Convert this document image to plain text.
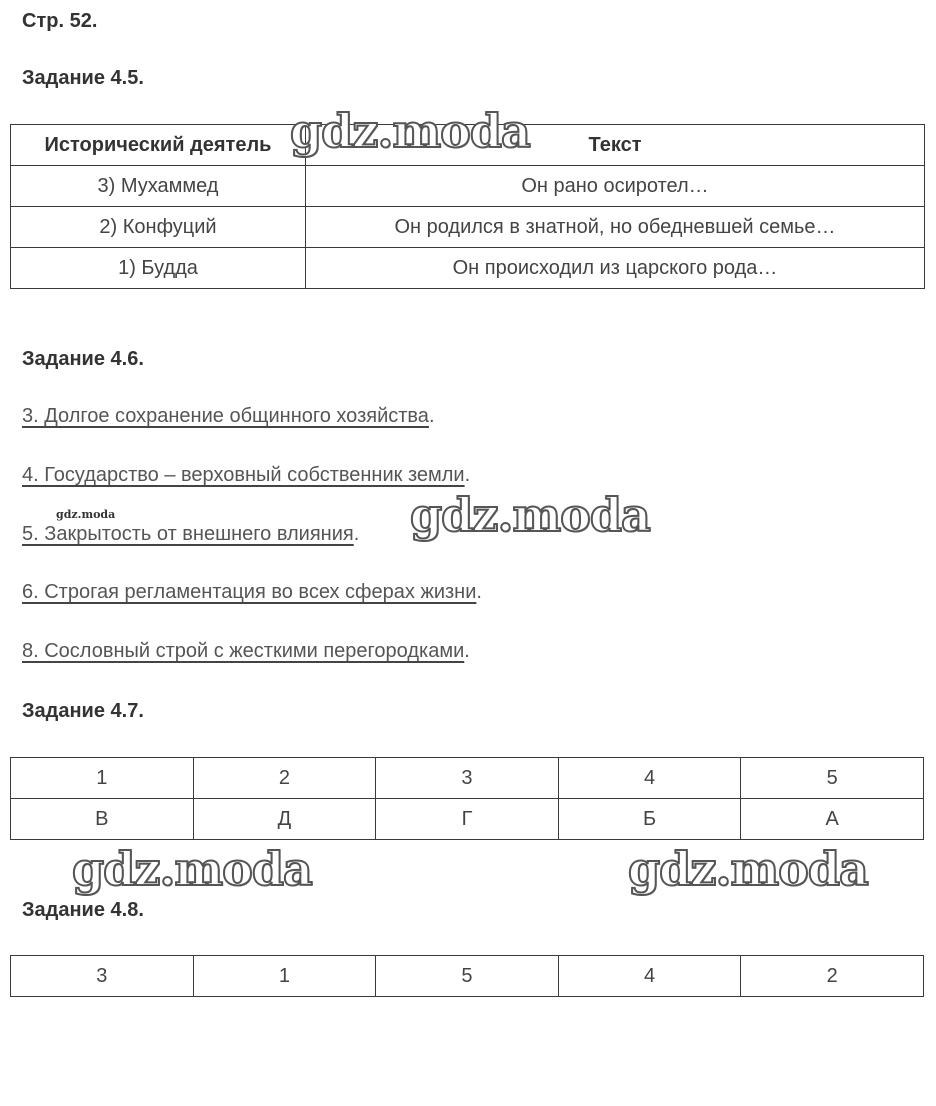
Стр. 52.
Задание 4.5.
Исторический деятель	Текст
3) Мухаммед	Он рано осиротел…
2) Конфуций	Он родился в знатной, но обедневшей семье…
1) Будда	Он происходил из царского рода…
Задание 4.6.
3. Долгое сохранение общинного хозяйства.
4. Государство – верховный собственник земли.
5. Закрытость от внешнего влияния.
6. Строгая регламентация во всех сферах жизни.
8. Сословный строй с жесткими перегородками.
Задание 4.7.
1	2	3	4	5
В	Д	Г	Б	А
Задание 4.8.
3	1	5	4	2
gdz.moda
gdz.moda	gdz.moda
gdz.moda	gdz.moda
